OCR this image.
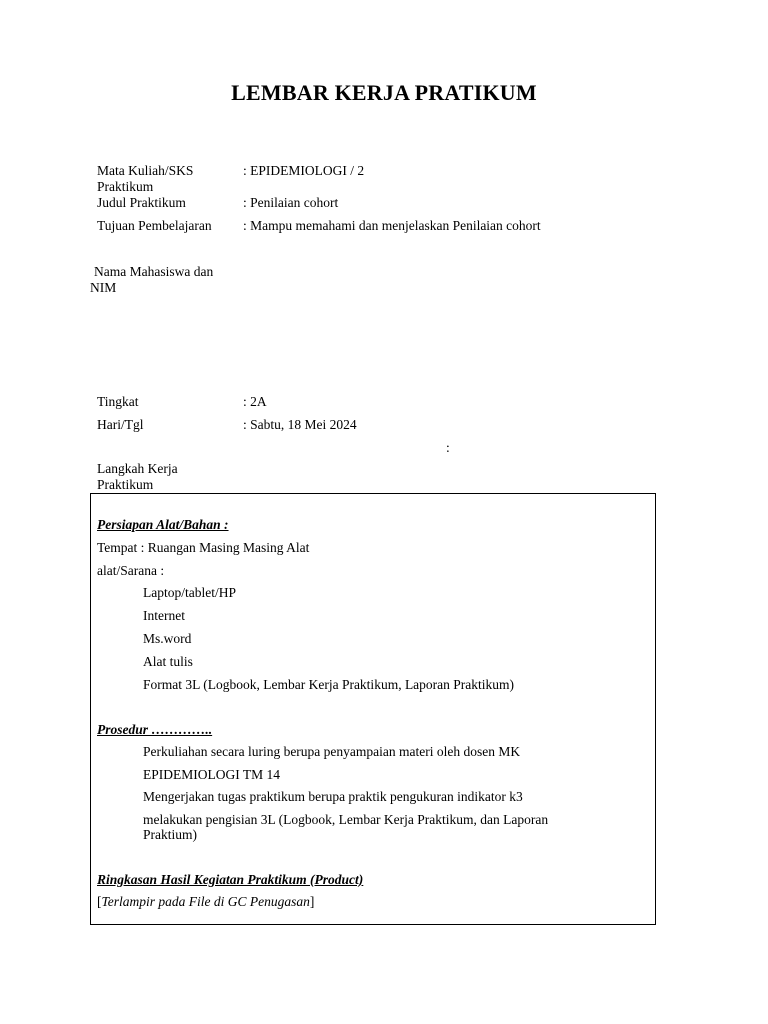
LEMBAR KERJA PRATIKUM
Mata Kuliah/SKS
Praktikum
: EPIDEMIOLOGI / 2
Judul Praktikum	: Penilaian cohort
Tujuan Pembelajaran : Mampu memahami dan menjelaskan Penilaian cohort
Nama Mahasiswa dan
NIM
Tingkat	: 2A
Hari/Tgl	: Sabtu, 18 Mei 2024
:
Langkah Kerja
Praktikum
Persiapan Alat/Bahan :
Tempat : Ruangan Masing Masing Alat
alat/Sarana :
Laptop/tablet/HP
Internet
Ms.word
Alat tulis
Format 3L (Logbook, Lembar Kerja Praktikum, Laporan Praktikum)
Prosedur …………..
Perkuliahan secara luring berupa penyampaian materi oleh dosen MK
EPIDEMIOLOGI TM 14
Mengerjakan tugas praktikum berupa praktik pengukuran indikator k3
melakukan pengisian 3L (Logbook, Lembar Kerja Praktikum, dan Laporan
Praktium)
Ringkasan Hasil Kegiatan Praktikum (Product)
[Terlampir pada File di GC Penugasan]
